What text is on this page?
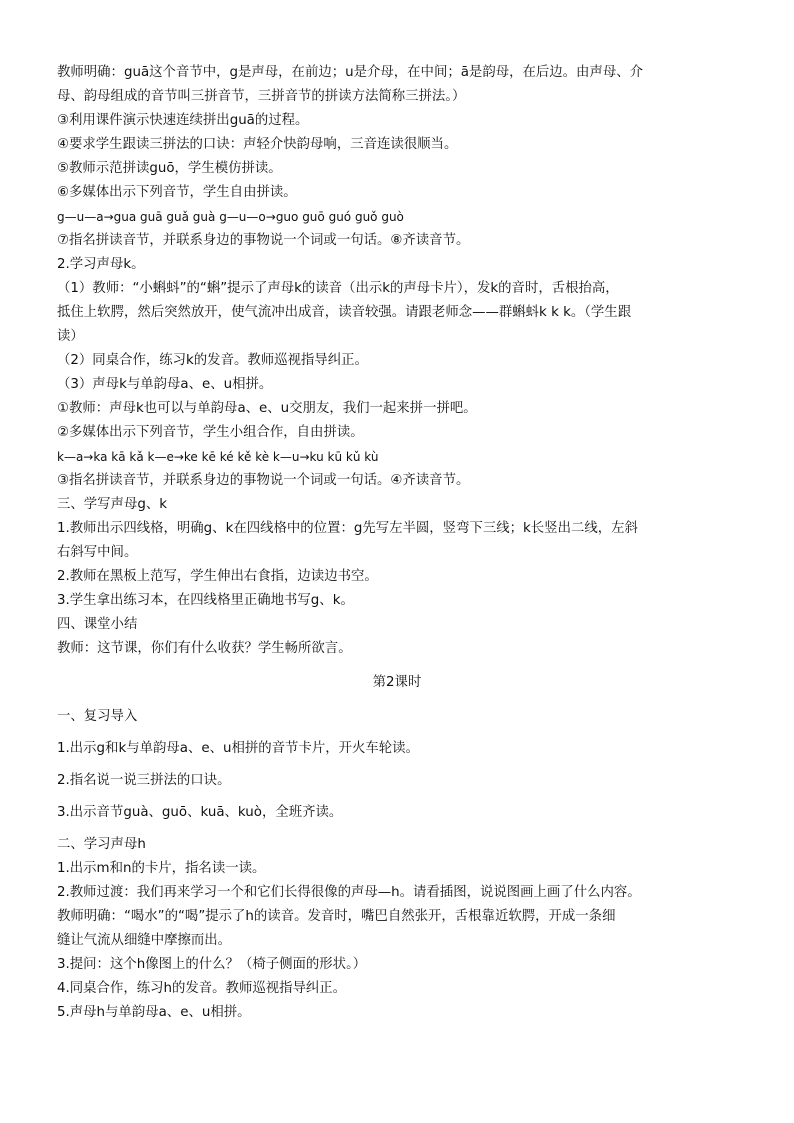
教师明确：guā这个音节中，g是声母，在前边；u是介母，在中间；ā是韵母，在后边。由声母、介
母、韵母组成的音节叫三拼音节，三拼音节的拼读方法简称三拼法。）
③利用课件演示快速连续拼出guā的过程。
④要求学生跟读三拼法的口诀：声轻介快韵母响，三音连读很顺当。
⑤教师示范拼读guō，学生模仿拼读。
⑥多媒体出示下列音节，学生自由拼读。
g—u—a→gua guā guǎ guà g—u—o→guo guō guó guǒ guò
⑦指名拼读音节，并联系身边的事物说一个词或一句话。⑧齐读音节。
2.学习声母k。
（1）教师：“小蝌蚪”的“蝌”提示了声母k的读音（出示k的声母卡片），发k的音时，舌根抬高，
抵住上软腭，然后突然放开，使气流冲出成音，读音较强。请跟老师念——群蝌蚪k k k。（学生跟
读）
（2）同桌合作，练习k的发音。教师巡视指导纠正。
（3）声母k与单韵母a、e、u相拼。
①教师：声母k也可以与单韵母a、e、u交朋友，我们一起来拼一拼吧。
②多媒体出示下列音节，学生小组合作，自由拼读。
k—a→ka kā kǎ k—e→ke kē ké kě kè k—u→ku kū kǔ kù
③指名拼读音节，并联系身边的事物说一个词或一句话。④齐读音节。
三、学写声母g、k
1.教师出示四线格，明确g、k在四线格中的位置：g先写左半圆，竖弯下三线；k长竖出二线，左斜
右斜写中间。
2.教师在黑板上范写，学生伸出右食指，边读边书空。
3.学生拿出练习本，在四线格里正确地书写g、k。
四、课堂小结
教师：这节课，你们有什么收获？学生畅所欲言。
第2课时
一、复习导入
1.出示g和k与单韵母a、e、u相拼的音节卡片，开火车轮读。
2.指名说一说三拼法的口诀。
3.出示音节guà、guō、kuā、kuò，全班齐读。
二、学习声母h
1.出示m和n的卡片，指名读一读。
2.教师过渡：我们再来学习一个和它们长得很像的声母—h。请看插图，说说图画上画了什么内容。
教师明确：“喝水”的“喝”提示了h的读音。发音时，嘴巴自然张开，舌根靠近软腭，开成一条细
缝让气流从细缝中摩擦而出。
3.提问：这个h像图上的什么？（椅子侧面的形状。）
4.同桌合作，练习h的发音。教师巡视指导纠正。
5.声母h与单韵母a、e、u相拼。
